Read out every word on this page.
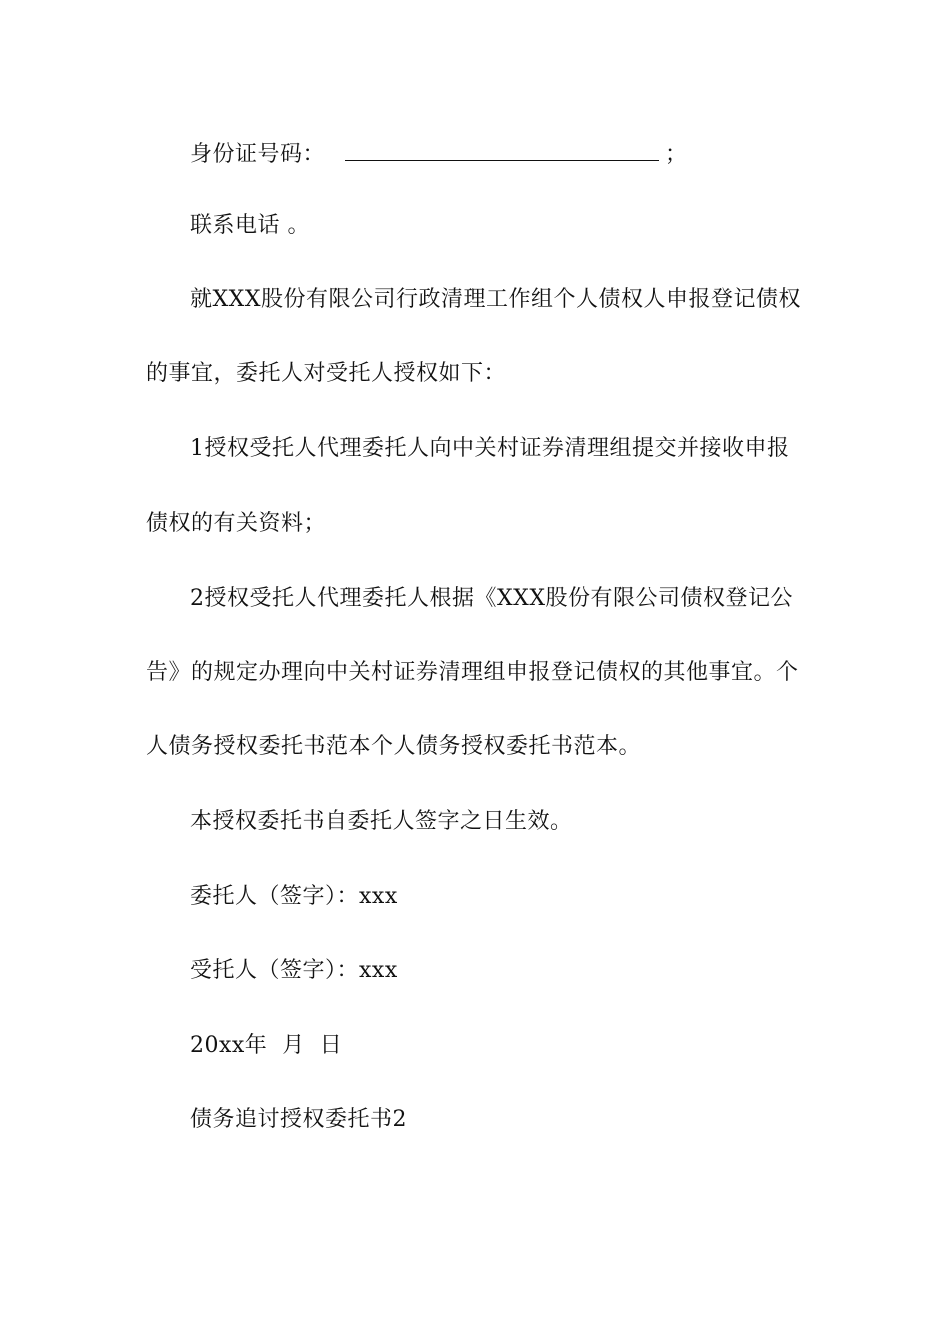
身份证号码：	；
联系电话 。
就XXX股份有限公司行政清理工作组个人债权人申报登记债权
的事宜，委托人对受托人授权如下：
1授权受托人代理委托人向中关村证券清理组提交并接收申报
债权的有关资料；
2授权受托人代理委托人根据《XXX股份有限公司债权登记公
告》的规定办理向中关村证券清理组申报登记债权的其他事宜。个
人债务授权委托书范本个人债务授权委托书范本。
本授权委托书自委托人签字之日生效。
委托人（签字）：xxx
受托人（签字）：xxx
20xx年  月  日
债务追讨授权委托书2
